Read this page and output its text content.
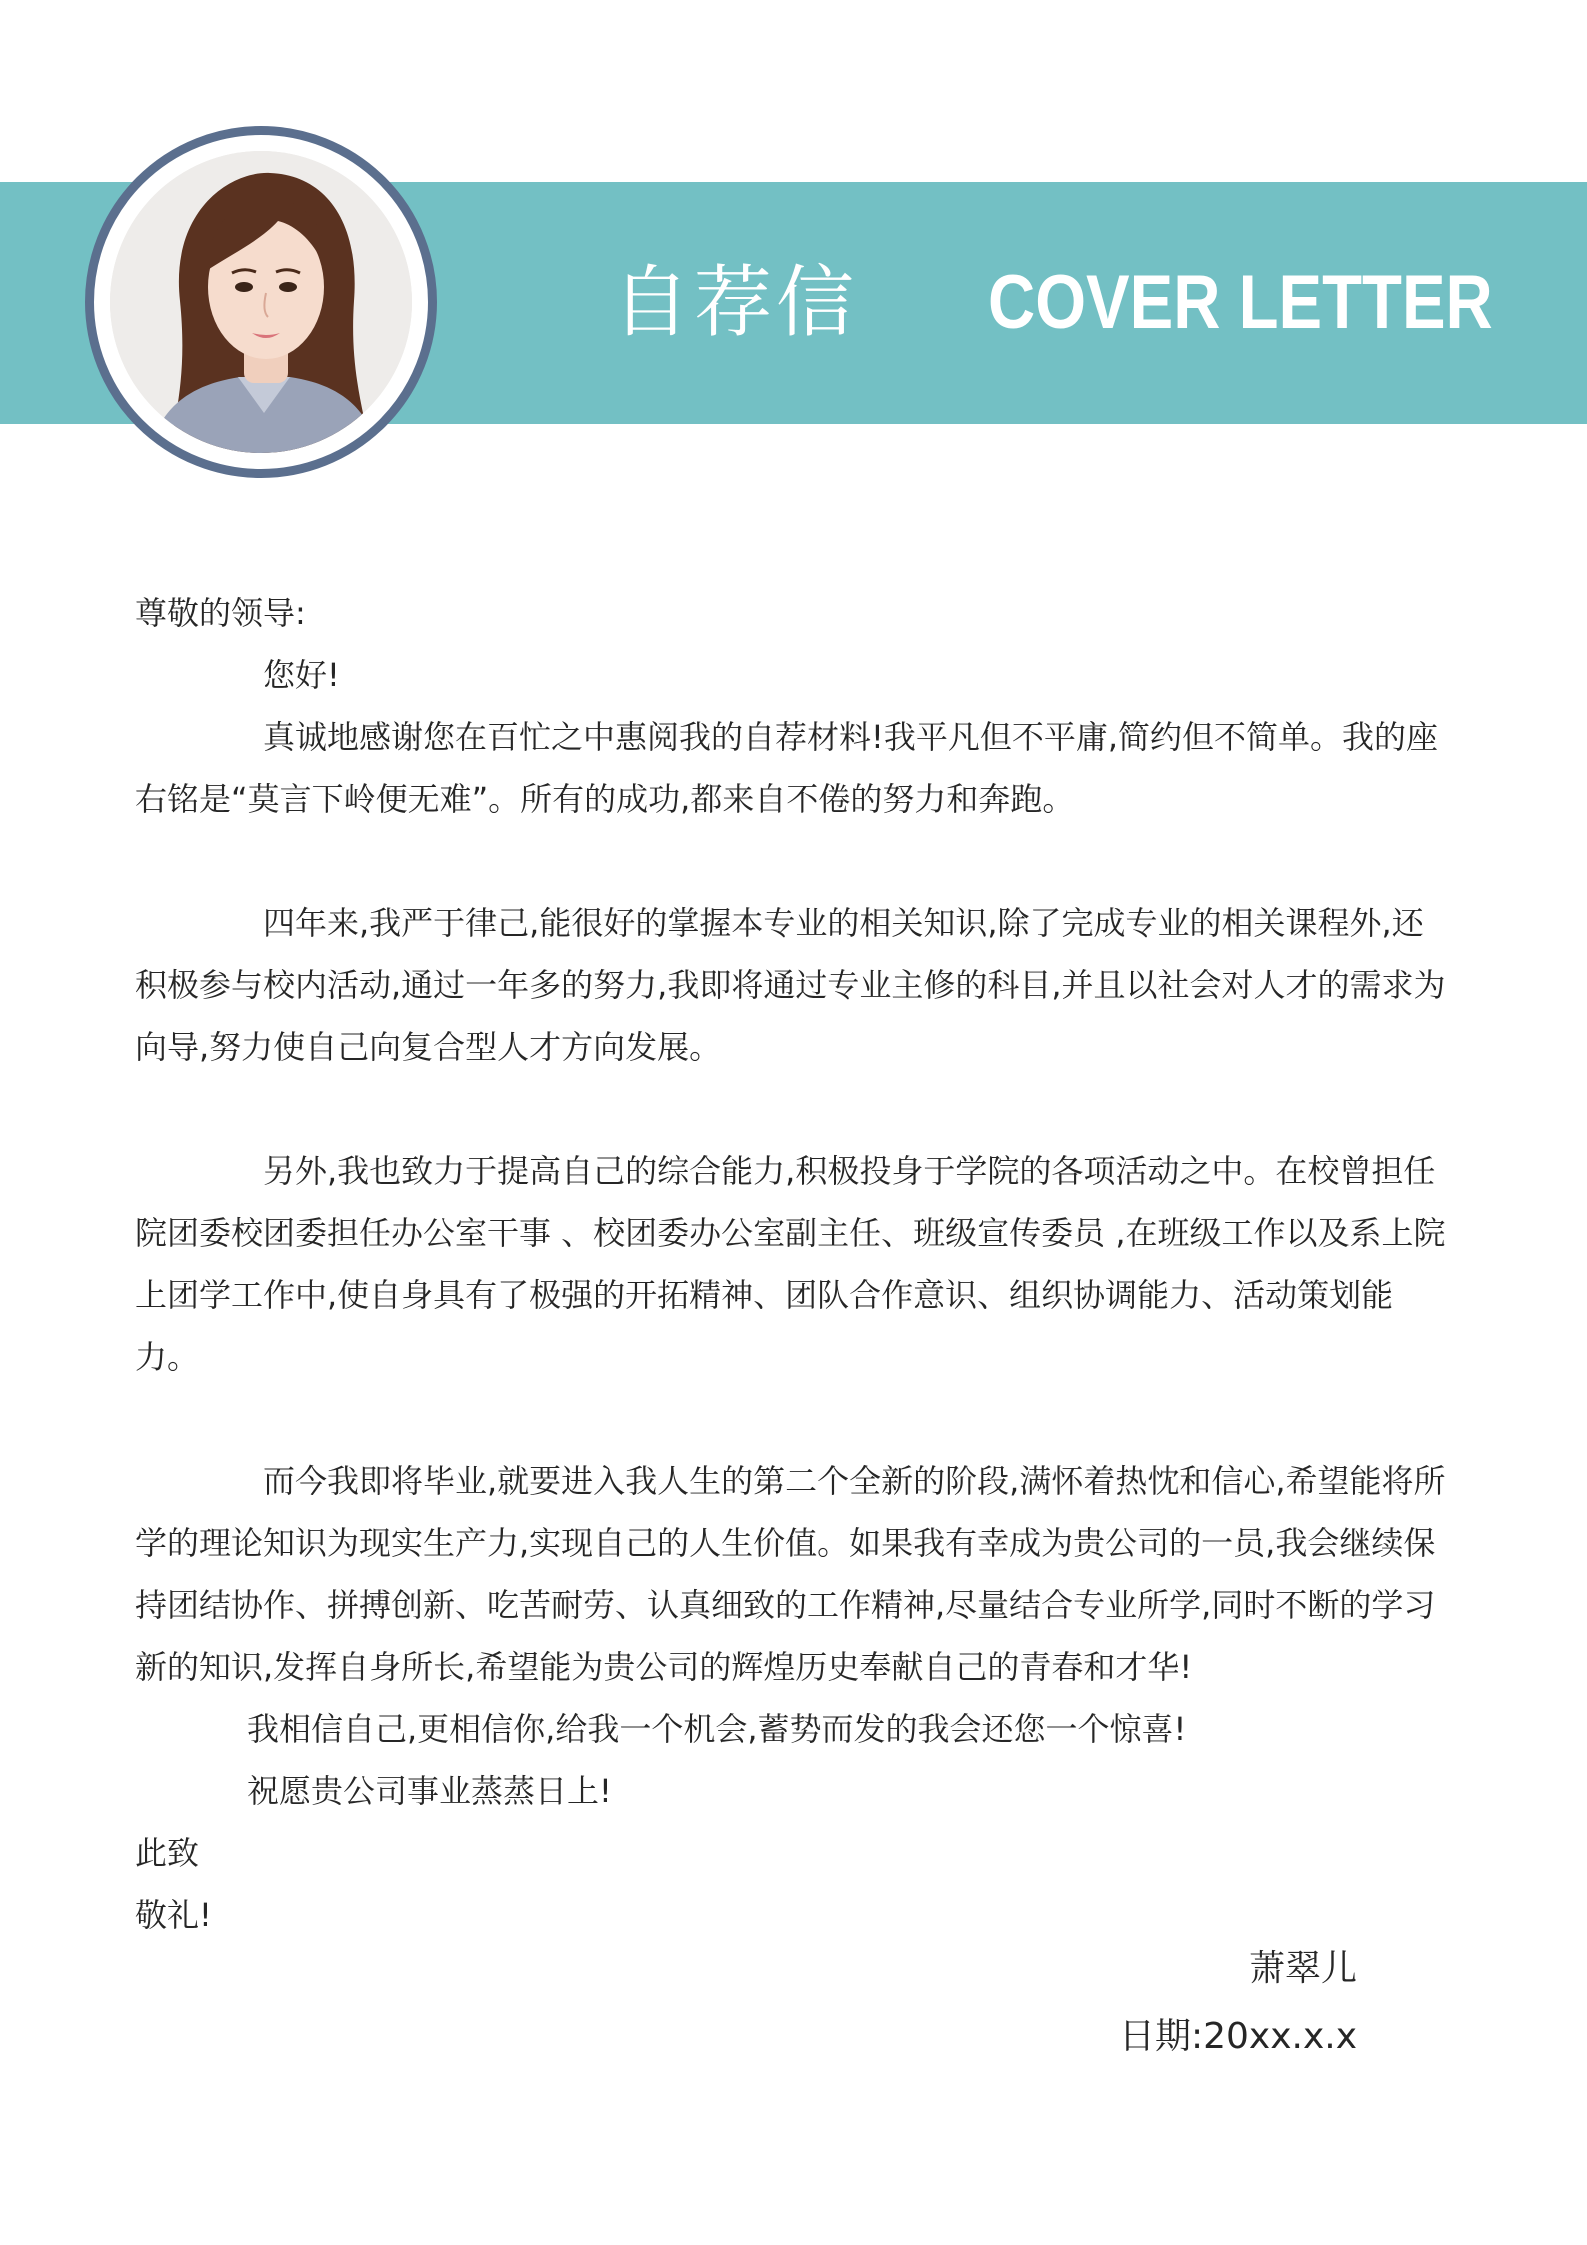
自荐信 COVER LETTER

尊敬的领导:

您好!

真诚地感谢您在百忙之中惠阅我的自荐材料!我平凡但不平庸,简约但不简单。我的座右铭是“莫言下岭便无难”。所有的成功,都来自不倦的努力和奔跑。

四年来,我严于律己,能很好的掌握本专业的相关知识,除了完成专业的相关课程外,还积极参与校内活动,通过一年多的努力,我即将通过专业主修的科目,并且以社会对人才的需求为向导,努力使自己向复合型人才方向发展。

另外,我也致力于提高自己的综合能力,积极投身于学院的各项活动之中。在校曾担任院团委校团委担任办公室干事 、校团委办公室副主任、班级宣传委员 ,在班级工作以及系上院上团学工作中,使自身具有了极强的开拓精神、团队合作意识、组织协调能力、活动策划能力。

而今我即将毕业,就要进入我人生的第二个全新的阶段,满怀着热忱和信心,希望能将所学的理论知识为现实生产力,实现自己的人生价值。如果我有幸成为贵公司的一员,我会继续保持团结协作、拼搏创新、吃苦耐劳、认真细致的工作精神,尽量结合专业所学,同时不断的学习新的知识,发挥自身所长,希望能为贵公司的辉煌历史奉献自己的青春和才华!

我相信自己,更相信你,给我一个机会,蓄势而发的我会还您一个惊喜!

祝愿贵公司事业蒸蒸日上!

此致

敬礼!

萧翠儿
日期:20xx.x.x
